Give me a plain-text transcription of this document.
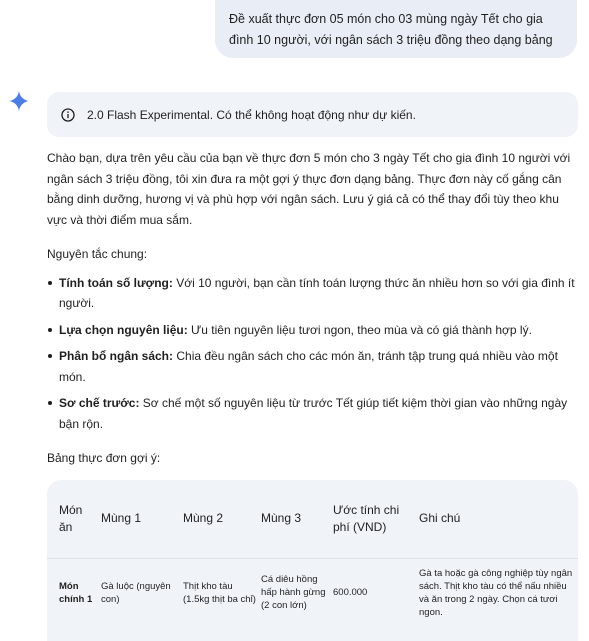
Đề xuất thực đơn 05 món cho 03 mùng ngày Tết cho gia đình 10 người, với ngân sách 3 triệu đồng theo dạng bảng
2.0 Flash Experimental. Có thể không hoạt động như dự kiến.

Chào bạn, dựa trên yêu cầu của bạn về thực đơn 5 món cho 3 ngày Tết cho gia đình 10 người với ngân sách 3 triệu đồng, tôi xin đưa ra một gợi ý thực đơn dạng bảng. Thực đơn này cố gắng cân bằng dinh dưỡng, hương vị và phù hợp với ngân sách. Lưu ý giá cả có thể thay đổi tùy theo khu vực và thời điểm mua sắm.

Nguyên tắc chung:
Tính toán số lượng: Với 10 người, bạn cần tính toán lượng thức ăn nhiều hơn so với gia đình ít người.
Lựa chọn nguyên liệu: Ưu tiên nguyên liệu tươi ngon, theo mùa và có giá thành hợp lý.
Phân bổ ngân sách: Chia đều ngân sách cho các món ăn, tránh tập trung quá nhiều vào một món.
Sơ chế trước: Sơ chế một số nguyên liệu từ trước Tết giúp tiết kiệm thời gian vào những ngày bận rộn.
Bảng thực đơn gợi ý:
Món ăn	Mùng 1	Mùng 2	Mùng 3	Ước tính chi phí (VND)	Ghi chú
Món chính 1	Gà luộc (nguyên con)	Thịt kho tàu (1.5kg thịt ba chỉ)	Cá diêu hồng hấp hành gừng (2 con lớn)	600.000	Gà ta hoặc gà công nghiệp tùy ngân sách. Thịt kho tàu có thể nấu nhiều và ăn trong 2 ngày. Chọn cá tươi ngon.
